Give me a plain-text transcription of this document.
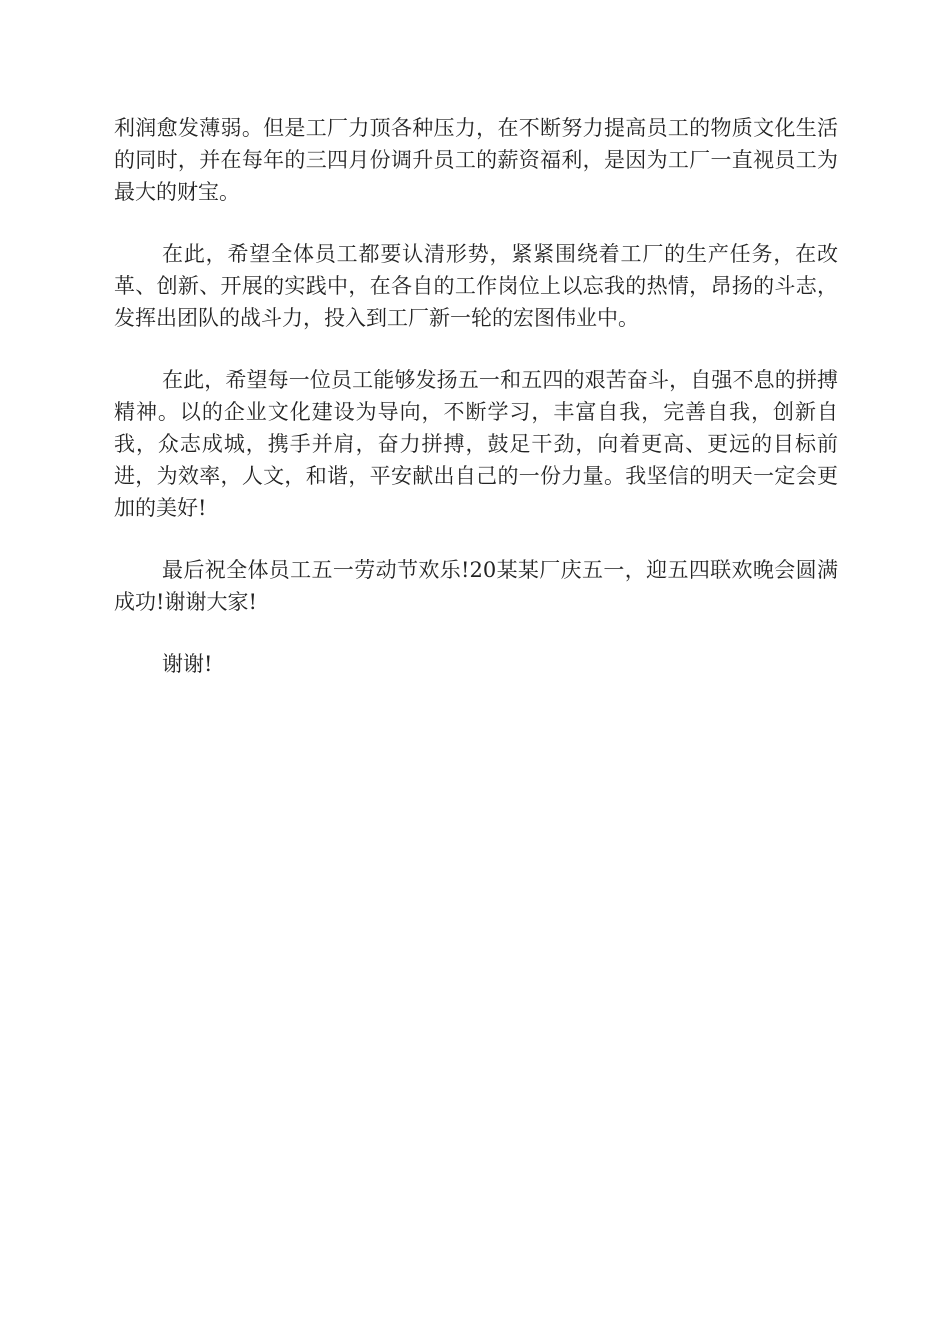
利润愈发薄弱。但是工厂力顶各种压力，在不断努力提高员工的物质文化生活的同时，并在每年的三四月份调升员工的薪资福利，是因为工厂一直视员工为最大的财宝。

在此，希望全体员工都要认清形势，紧紧围绕着工厂的生产任务，在改革、创新、开展的实践中，在各自的工作岗位上以忘我的热情，昂扬的斗志，发挥出团队的战斗力，投入到工厂新一轮的宏图伟业中。

在此，希望每一位员工能够发扬五一和五四的艰苦奋斗，自强不息的拼搏精神。以的企业文化建设为导向，不断学习，丰富自我，完善自我，创新自我，众志成城，携手并肩，奋力拼搏，鼓足干劲，向着更高、更远的目标前进，为效率，人文，和谐，平安献出自己的一份力量。我坚信的明天一定会更加的美好!

最后祝全体员工五一劳动节欢乐!20某某厂庆五一，迎五四联欢晚会圆满成功!谢谢大家!

谢谢!
